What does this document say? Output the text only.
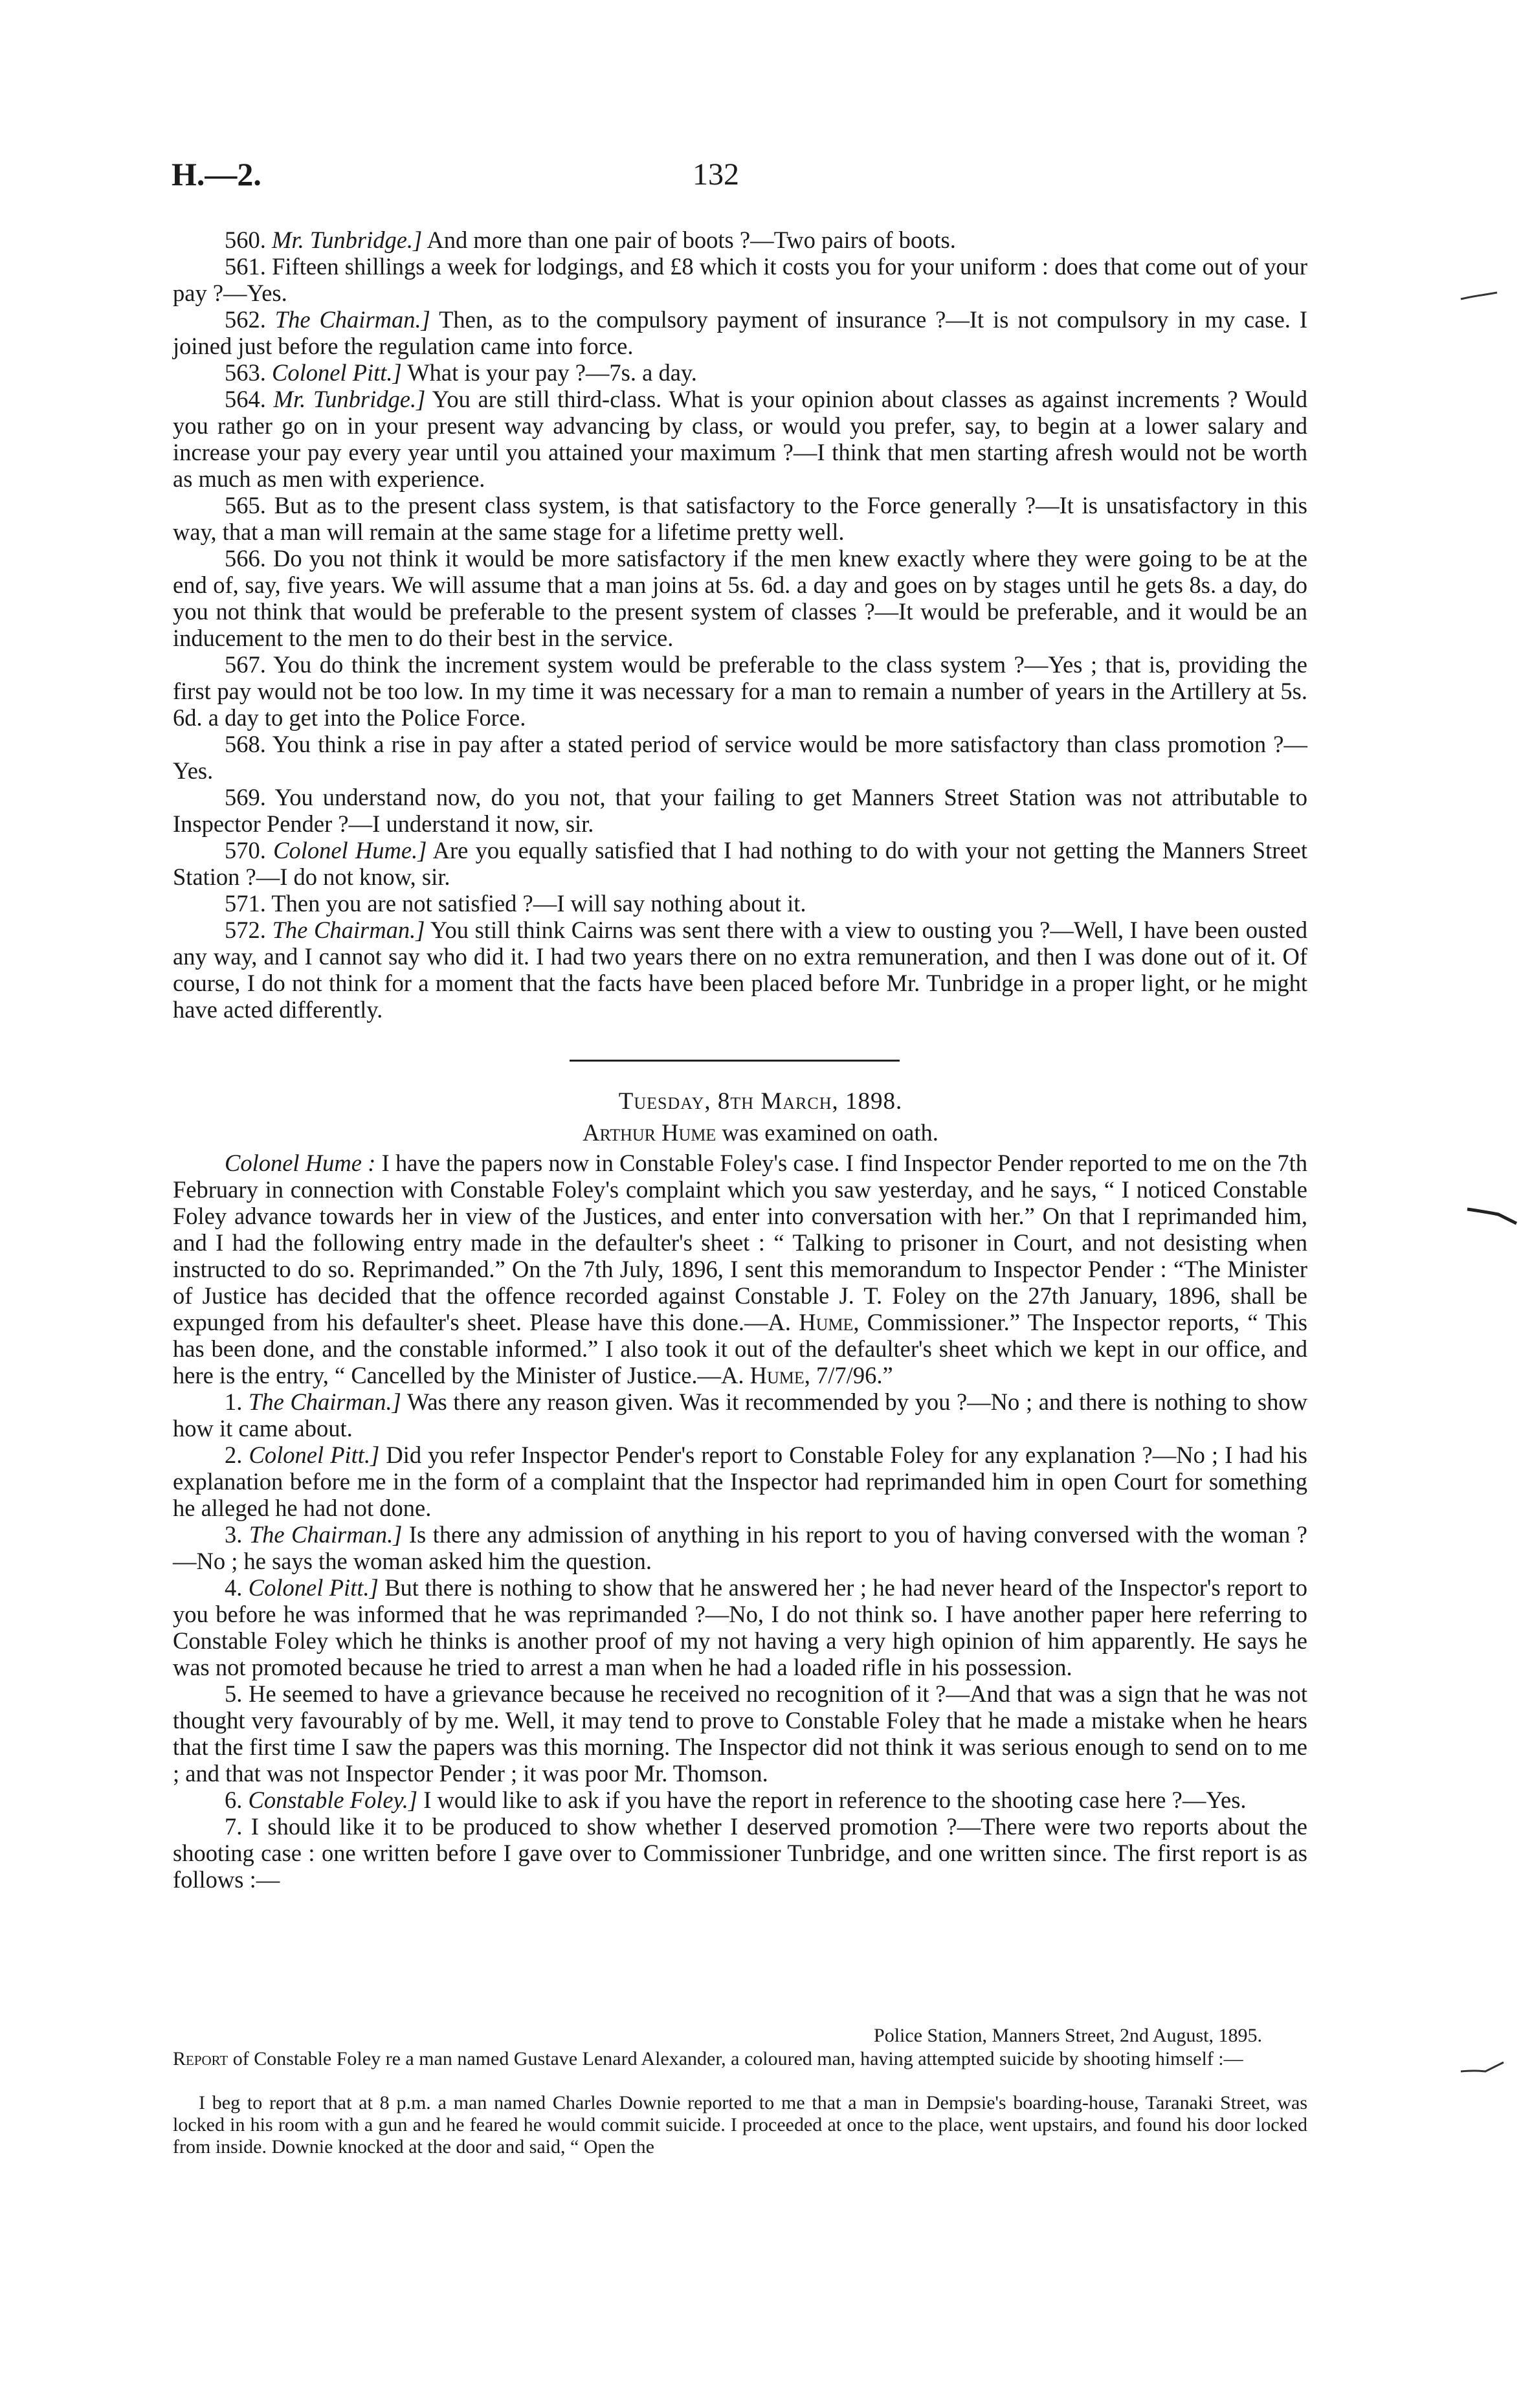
H.—2.	132

560. Mr. Tunbridge.] And more than one pair of boots ?—Two pairs of boots.

561. Fifteen shillings a week for lodgings, and £8 which it costs you for your uniform : does that come out of your pay ?—Yes.

562. The Chairman.] Then, as to the compulsory payment of insurance ?—It is not compulsory in my case. I joined just before the regulation came into force.

563. Colonel Pitt.] What is your pay ?—7s. a day.

564. Mr. Tunbridge.] You are still third-class. What is your opinion about classes as against increments ? Would you rather go on in your present way advancing by class, or would you prefer, say, to begin at a lower salary and increase your pay every year until you attained your maximum ?—I think that men starting afresh would not be worth as much as men with experience.

565. But as to the present class system, is that satisfactory to the Force generally ?—It is unsatisfactory in this way, that a man will remain at the same stage for a lifetime pretty well.

566. Do you not think it would be more satisfactory if the men knew exactly where they were going to be at the end of, say, five years. We will assume that a man joins at 5s. 6d. a day and goes on by stages until he gets 8s. a day, do you not think that would be preferable to the present system of classes ?—It would be preferable, and it would be an inducement to the men to do their best in the service.

567. You do think the increment system would be preferable to the class system ?—Yes ; that is, providing the first pay would not be too low. In my time it was necessary for a man to remain a number of years in the Artillery at 5s. 6d. a day to get into the Police Force.

568. You think a rise in pay after a stated period of service would be more satisfactory than class promotion ?—Yes.

569. You understand now, do you not, that your failing to get Manners Street Station was not attributable to Inspector Pender ?—I understand it now, sir.

570. Colonel Hume.] Are you equally satisfied that I had nothing to do with your not getting the Manners Street Station ?—I do not know, sir.

571. Then you are not satisfied ?—I will say nothing about it.

572. The Chairman.] You still think Cairns was sent there with a view to ousting you ?—Well, I have been ousted any way, and I cannot say who did it. I had two years there on no extra remuneration, and then I was done out of it. Of course, I do not think for a moment that the facts have been placed before Mr. Tunbridge in a proper light, or he might have acted differently.

Tuesday, 8th March, 1898.
Arthur Hume was examined on oath.

Colonel Hume : I have the papers now in Constable Foley's case. I find Inspector Pender reported to me on the 7th February in connection with Constable Foley's complaint which you saw yesterday, and he says, “ I noticed Constable Foley advance towards her in view of the Justices, and enter into conversation with her.” On that I reprimanded him, and I had the following entry made in the defaulter's sheet : “ Talking to prisoner in Court, and not desisting when instructed to do so. Reprimanded.” On the 7th July, 1896, I sent this memorandum to Inspector Pender : “The Minister of Justice has decided that the offence recorded against Constable J. T. Foley on the 27th January, 1896, shall be expunged from his defaulter's sheet. Please have this done.—A. Hume, Commissioner.” The Inspector reports, “ This has been done, and the constable informed.” I also took it out of the defaulter's sheet which we kept in our office, and here is the entry, “ Cancelled by the Minister of Justice.—A. Hume, 7/7/96.”

1. The Chairman.] Was there any reason given. Was it recommended by you ?—No ; and there is nothing to show how it came about.

2. Colonel Pitt.] Did you refer Inspector Pender's report to Constable Foley for any explanation ?—No ; I had his explanation before me in the form of a complaint that the Inspector had reprimanded him in open Court for something he alleged he had not done.

3. The Chairman.] Is there any admission of anything in his report to you of having conversed with the woman ?—No ; he says the woman asked him the question.

4. Colonel Pitt.] But there is nothing to show that he answered her ; he had never heard of the Inspector's report to you before he was informed that he was reprimanded ?—No, I do not think so. I have another paper here referring to Constable Foley which he thinks is another proof of my not having a very high opinion of him apparently. He says he was not promoted because he tried to arrest a man when he had a loaded rifle in his possession.

5. He seemed to have a grievance because he received no recognition of it ?—And that was a sign that he was not thought very favourably of by me. Well, it may tend to prove to Constable Foley that he made a mistake when he hears that the first time I saw the papers was this morning. The Inspector did not think it was serious enough to send on to me ; and that was not Inspector Pender ; it was poor Mr. Thomson.

6. Constable Foley.] I would like to ask if you have the report in reference to the shooting case here ?—Yes.

7. I should like it to be produced to show whether I deserved promotion ?—There were two reports about the shooting case : one written before I gave over to Commissioner Tunbridge, and one written since. The first report is as follows :—

Police Station, Manners Street, 2nd August, 1895.

Report of Constable Foley re a man named Gustave Lenard Alexander, a coloured man, having attempted suicide by shooting himself :—

I beg to report that at 8 p.m. a man named Charles Downie reported to me that a man in Dempsie's boarding-house, Taranaki Street, was locked in his room with a gun and he feared he would commit suicide. I proceeded at once to the place, went upstairs, and found his door locked from inside. Downie knocked at the door and said, “ Open the
